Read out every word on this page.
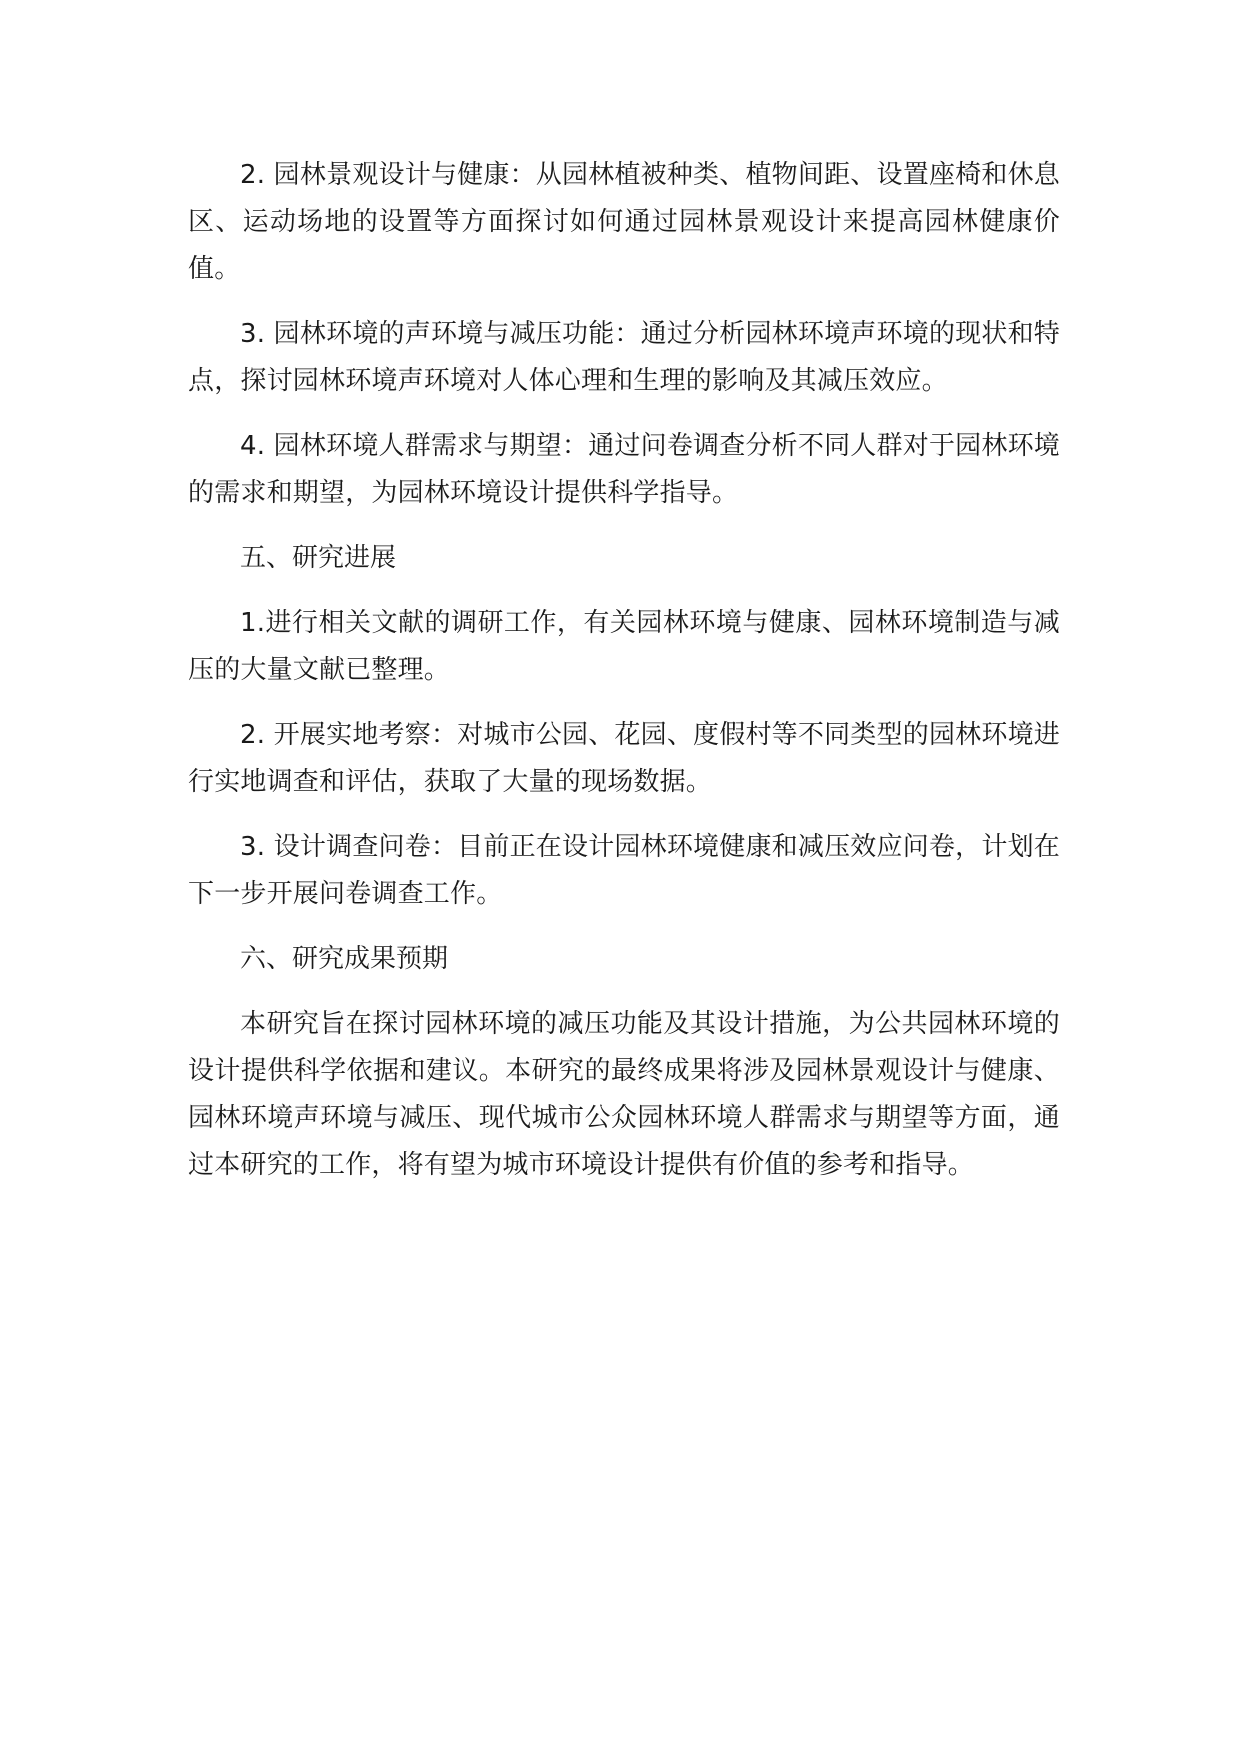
2. 园林景观设计与健康：从园林植被种类、植物间距、设置座椅和休息区、运动场地的设置等方面探讨如何通过园林景观设计来提高园林健康价值。

3. 园林环境的声环境与减压功能：通过分析园林环境声环境的现状和特点，探讨园林环境声环境对人体心理和生理的影响及其减压效应。

4. 园林环境人群需求与期望：通过问卷调查分析不同人群对于园林环境的需求和期望，为园林环境设计提供科学指导。

五、研究进展

1.进行相关文献的调研工作，有关园林环境与健康、园林环境制造与减压的大量文献已整理。

2. 开展实地考察：对城市公园、花园、度假村等不同类型的园林环境进行实地调查和评估，获取了大量的现场数据。

3. 设计调查问卷：目前正在设计园林环境健康和减压效应问卷，计划在下一步开展问卷调查工作。

六、研究成果预期

本研究旨在探讨园林环境的减压功能及其设计措施，为公共园林环境的设计提供科学依据和建议。本研究的最终成果将涉及园林景观设计与健康、园林环境声环境与减压、现代城市公众园林环境人群需求与期望等方面，通过本研究的工作，将有望为城市环境设计提供有价值的参考和指导。
